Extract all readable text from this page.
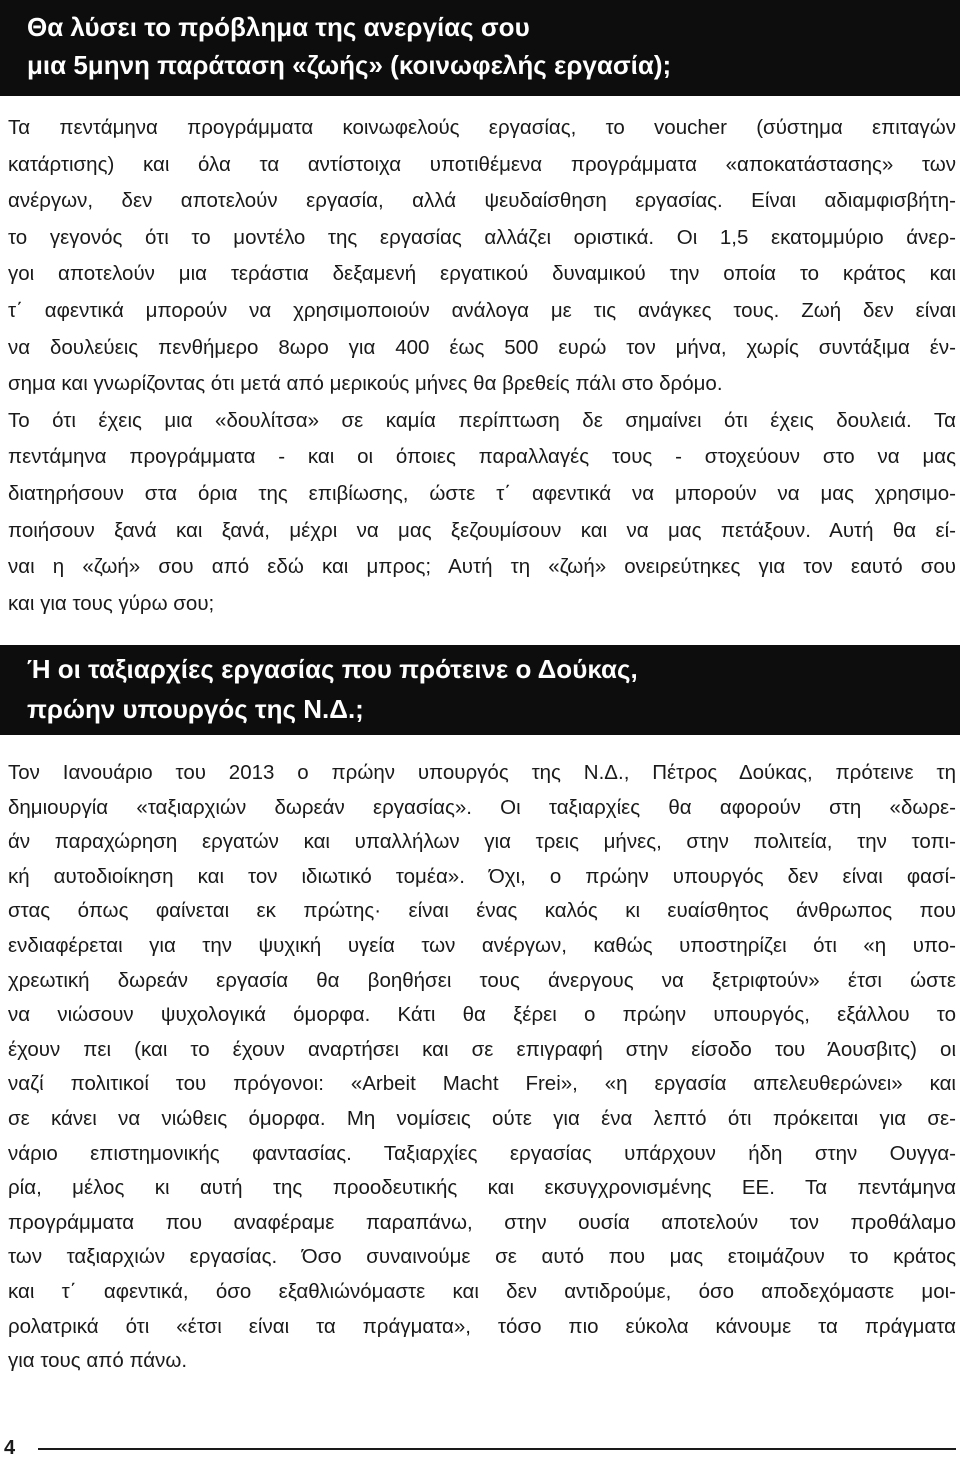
Θα λύσει το πρόβλημα της ανεργίας σου
μια 5μηνη παράταση «ζωής» (κοινωφελής εργασία);
Τα πεντάμηνα προγράμματα κοινωφελούς εργασίας, το voucher (σύστημα επιταγών
κατάρτισης) και όλα τα αντίστοιχα υποτιθέμενα προγράμματα «αποκατάστασης» των
ανέργων, δεν αποτελούν εργασία, αλλά ψευδαίσθηση εργασίας. Είναι αδιαμφισβήτη-
το γεγονός ότι το μοντέλο της εργασίας αλλάζει οριστικά. Οι 1,5 εκατομμύριο άνερ-
γοι αποτελούν μια τεράστια δεξαμενή εργατικού δυναμικού την οποία το κράτος και
τ΄ αφεντικά μπορούν να χρησιμοποιούν ανάλογα με τις ανάγκες τους. Ζωή δεν είναι
να δουλεύεις πενθήμερο 8ωρο για 400 έως 500 ευρώ τον μήνα, χωρίς συντάξιμα έν-
σημα και γνωρίζοντας ότι μετά από μερικούς μήνες θα βρεθείς πάλι στο δρόμο.
Το ότι έχεις μια «δουλίτσα» σε καμία περίπτωση δε σημαίνει ότι έχεις δουλειά. Τα
πεντάμηνα προγράμματα - και οι όποιες παραλλαγές τους - στοχεύουν στο να μας
διατηρήσουν στα όρια της επιβίωσης, ώστε τ΄ αφεντικά να μπορούν να μας χρησιμο-
ποιήσουν ξανά και ξανά, μέχρι να μας ξεζουμίσουν και να μας πετάξουν. Αυτή θα εί-
ναι η «ζωή» σου από εδώ και μπρος; Αυτή τη «ζωή» ονειρεύτηκες για τον εαυτό σου
και για τους γύρω σου;
Ή οι ταξιαρχίες εργασίας που πρότεινε ο Δούκας,
πρώην υπουργός της Ν.Δ.;
Τον Ιανουάριο του 2013 ο πρώην υπουργός της Ν.Δ., Πέτρος Δούκας, πρότεινε τη
δημιουργία «ταξιαρχιών δωρεάν εργασίας». Οι ταξιαρχίες θα αφορούν στη «δωρε-
άν παραχώρηση εργατών και υπαλλήλων για τρεις μήνες, στην πολιτεία, την τοπι-
κή αυτοδιοίκηση και τον ιδιωτικό τομέα». Όχι, ο πρώην υπουργός δεν είναι φασί-
στας όπως φαίνεται εκ πρώτης· είναι ένας καλός κι ευαίσθητος άνθρωπος που
ενδιαφέρεται για την ψυχική υγεία των ανέργων, καθώς υποστηρίζει ότι «η υπο-
χρεωτική δωρεάν εργασία θα βοηθήσει τους άνεργους να ξετριφτούν» έτσι ώστε
να νιώσουν ψυχολογικά όμορφα. Κάτι θα ξέρει ο πρώην υπουργός, εξάλλου το
έχουν πει (και το έχουν αναρτήσει και σε επιγραφή στην είσοδο του Άουσβιτς) οι
ναζί πολιτικοί του πρόγονοι: «Arbeit Macht Frei», «η εργασία απελευθερώνει» και
σε κάνει να νιώθεις όμορφα. Μη νομίσεις ούτε για ένα λεπτό ότι πρόκειται για σε-
νάριο επιστημονικής φαντασίας. Ταξιαρχίες εργασίας υπάρχουν ήδη στην Ουγγα-
ρία, μέλος κι αυτή της προοδευτικής και εκσυγχρονισμένης ΕΕ. Τα πεντάμηνα
προγράμματα που αναφέραμε παραπάνω, στην ουσία αποτελούν τον προθάλαμο
των ταξιαρχιών εργασίας. Όσο συναινούμε σε αυτό που μας ετοιμάζουν το κράτος
και τ΄ αφεντικά, όσο εξαθλιώνόμαστε και δεν αντιδρούμε, όσο αποδεχόμαστε μοι-
ρολατρικά ότι «έτσι είναι τα πράγματα», τόσο πιο εύκολα κάνουμε τα πράγματα
για τους από πάνω.
4
